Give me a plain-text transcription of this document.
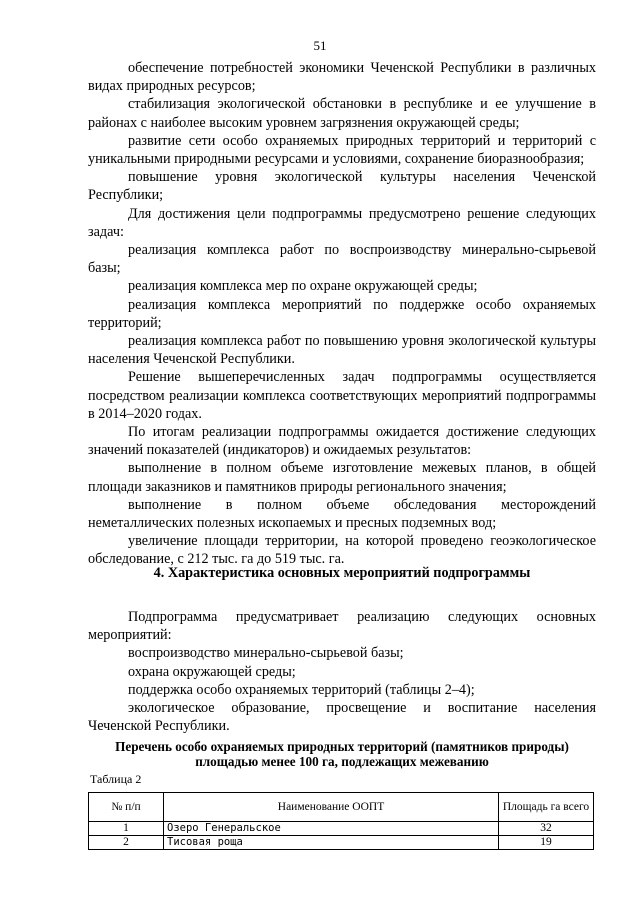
51

обеспечение потребностей экономики Чеченской Республики в различных видах природных ресурсов;

стабилизация экологической обстановки в республике и ее улучшение в районах с наиболее высоким уровнем загрязнения окружающей среды;

развитие сети особо охраняемых природных территорий и территорий с уникальными природными ресурсами и условиями, сохранение биоразнообразия;

повышение уровня экологической культуры населения Чеченской Республики;

Для достижения цели подпрограммы предусмотрено решение следующих задач:

реализация комплекса работ по воспроизводству минерально-сырьевой базы;

реализация комплекса мер по охране окружающей среды;

реализация комплекса мероприятий по поддержке особо охраняемых территорий;

реализация комплекса работ по повышению уровня экологической культуры населения Чеченской Республики.

Решение вышеперечисленных задач подпрограммы осуществляется посредством реализации комплекса соответствующих мероприятий подпрограммы в 2014–2020 годах.

По итогам реализации подпрограммы ожидается достижение следующих значений показателей (индикаторов) и ожидаемых результатов:

выполнение в полном объеме изготовление межевых планов, в общей площади заказников и памятников природы регионального значения;

выполнение в полном объеме обследования месторождений неметаллических полезных ископаемых и пресных подземных вод;

увеличение площади территории, на которой проведено геоэкологическое обследование, с 212 тыс. га до 519 тыс. га.

4. Характеристика основных мероприятий подпрограммы

Подпрограмма предусматривает реализацию следующих основных мероприятий:

воспроизводство минерально-сырьевой базы;

охрана окружающей среды;

поддержка особо охраняемых территорий (таблицы 2–4);

экологическое образование, просвещение и воспитание населения Чеченской Республики.

Перечень особо охраняемых природных территорий (памятников природы) площадью менее 100 га, подлежащих межеванию
Таблица 2
№ п/п	Наименование ООПТ	Площадь га всего
1	Озеро Генеральское	32
2	Тисовая роща	19
